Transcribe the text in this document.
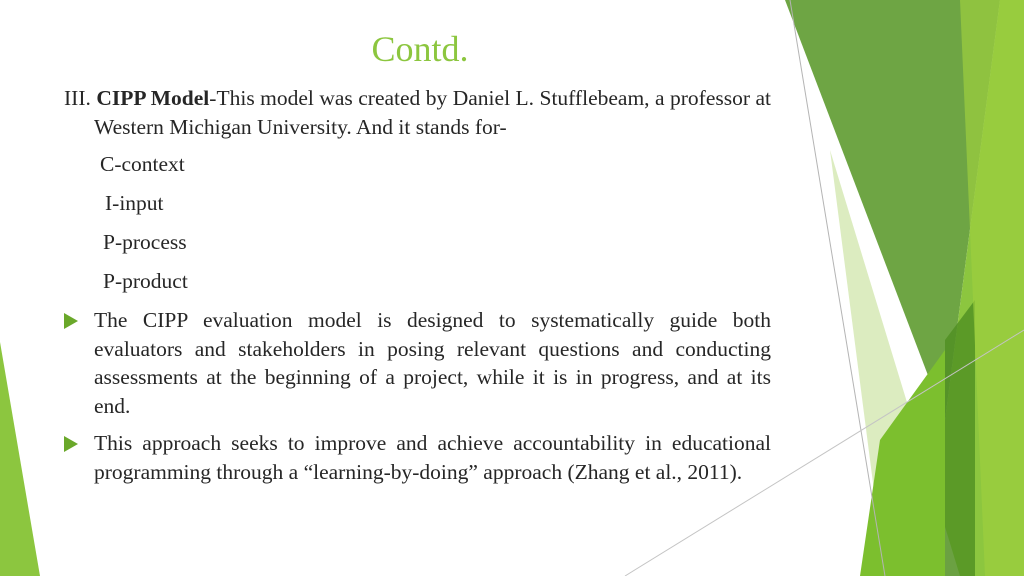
Contd.

III. CIPP Model-This model was created by Daniel L. Stufflebeam, a professor at Western Michigan University. And it stands for-

C-context
I-input
P-process
P-product

The CIPP evaluation model is designed to systematically guide both evaluators and stakeholders in posing relevant questions and conducting assessments at the beginning of a project, while it is in progress, and at its end.

This approach seeks to improve and achieve accountability in educational programming through a “learning-by-doing” approach (Zhang et al., 2011).
